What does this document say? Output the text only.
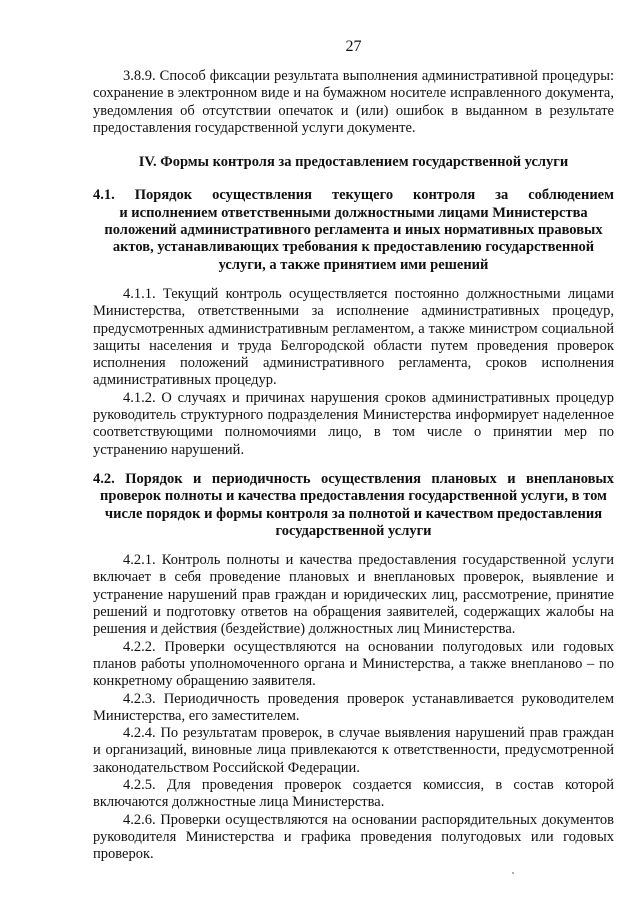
27

3.8.9. Способ фиксации результата выполнения административной процедуры: сохранение в электронном виде и на бумажном носителе исправленного документа, уведомления об отсутствии опечаток и (или) ошибок в выданном в результате предоставления государственной услуги документе.

IV. Формы контроля за предоставлением государственной услуги

4.1. Порядок осуществления текущего контроля за соблюдением

и исполнением ответственными должностными лицами Министерства положений административного регламента и иных нормативных правовых актов, устанавливающих требования к предоставлению государственной услуги, а также принятием ими решений

4.1.1. Текущий контроль осуществляется постоянно должностными лицами Министерства, ответственными за исполнение административных процедур, предусмотренных административным регламентом, а также министром социальной защиты населения и труда Белгородской области путем проведения проверок исполнения положений административного регламента, сроков исполнения административных процедур.

4.1.2. О случаях и причинах нарушения сроков административных процедур руководитель структурного подразделения Министерства информирует наделенное соответствующими полномочиями лицо, в том числе о принятии мер по устранению нарушений.

4.2. Порядок и периодичность осуществления плановых и внеплановых

проверок полноты и качества предоставления государственной услуги, в том числе порядок и формы контроля за полнотой и качеством предоставления государственной услуги

4.2.1. Контроль полноты и качества предоставления государственной услуги включает в себя проведение плановых и внеплановых проверок, выявление и устранение нарушений прав граждан и юридических лиц, рассмотрение, принятие решений и подготовку ответов на обращения заявителей, содержащих жалобы на решения и действия (бездействие) должностных лиц Министерства.

4.2.2. Проверки осуществляются на основании полугодовых или годовых планов работы уполномоченного органа и Министерства, а также внепланово – по конкретному обращению заявителя.

4.2.3. Периодичность проведения проверок устанавливается руководителем Министерства, его заместителем.

4.2.4. По результатам проверок, в случае выявления нарушений прав граждан и организаций, виновные лица привлекаются к ответственности, предусмотренной законодательством Российской Федерации.

4.2.5. Для проведения проверок создается комиссия, в состав которой включаются должностные лица Министерства.

4.2.6. Проверки осуществляются на основании распорядительных документов руководителя Министерства и графика проведения полугодовых или годовых проверок.
